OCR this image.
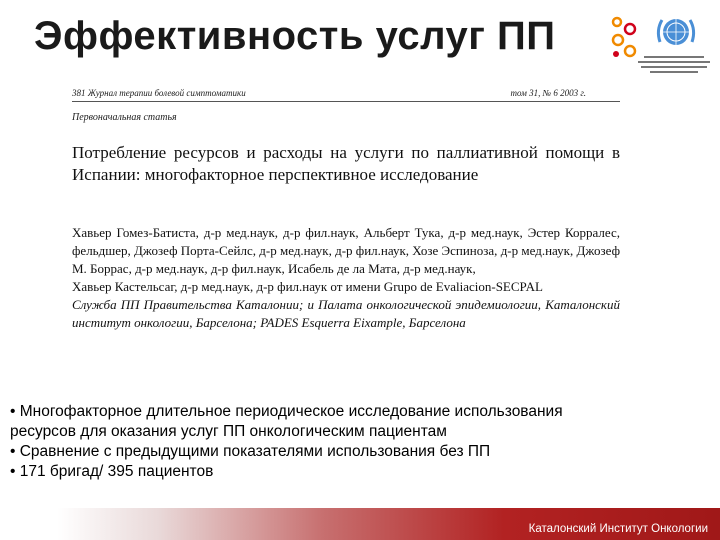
Эффективность услуг ПП
381 Журнал терапии болевой симптоматики	том 31, № 6 2003 г.
Первоначальная статья
Потребление ресурсов и расходы на услуги по паллиативной помощи в Испании: многофакторное перспективное исследование

Хавьер Гомез-Батиста, д-р мед.наук, д-р фил.наук, Альберт Тука, д-р мед.наук, Эстер Корралес, фельдшер, Джозеф Порта-Сейлс, д-р мед.наук, д-р фил.наук, Хозе Эспиноза, д-р мед.наук, Джозеф М. Боррас, д-р мед.наук, д-р фил.наук, Исабель де ла Мата, д-р мед.наук,

Хавьер Кастельсаг, д-р мед.наук, д-р фил.наук от имени Grupo de Evaliacion-SECPAL

Служба ПП Правительства Каталонии; и Палата онкологической эпидемиологии, Каталонский институт онкологии, Барселона; PADES Esquerra Eixample, Барселона

• Многофакторное длительное периодическое исследование использования
ресурсов для оказания услуг ПП онкологическим пациентам
• Сравнение с предыдущими показателями использования без ПП
• 171 бригад/ 395 пациентов
Каталонский Институт Онкологии
